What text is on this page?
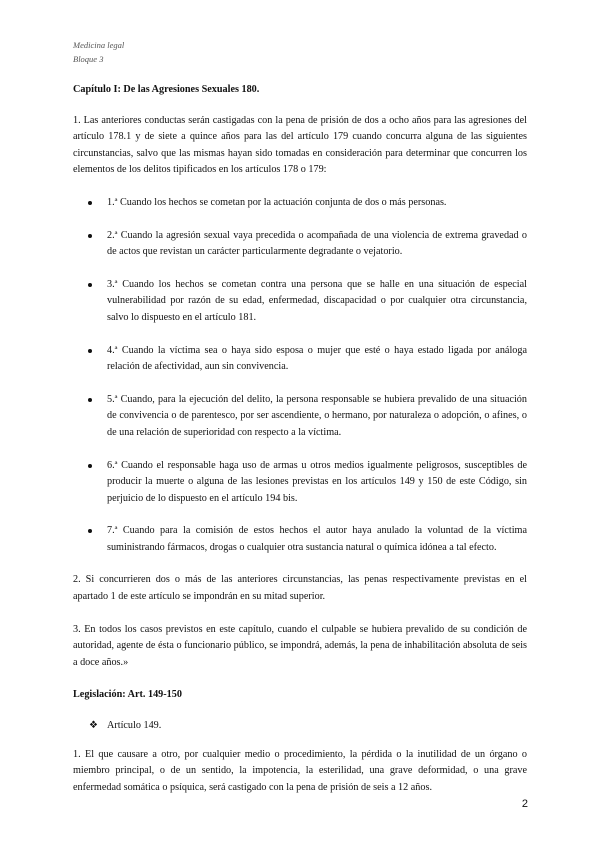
Medicina legal
Bloque 3

Capítulo I: De las Agresiones Sexuales 180.

1. Las anteriores conductas serán castigadas con la pena de prisión de dos a ocho años para las agresiones del artículo 178.1 y de siete a quince años para las del artículo 179 cuando concurra alguna de las siguientes circunstancias, salvo que las mismas hayan sido tomadas en consideración para determinar que concurren los elementos de los delitos tipificados en los artículos 178 o 179:

1.ª Cuando los hechos se cometan por la actuación conjunta de dos o más personas.
2.ª Cuando la agresión sexual vaya precedida o acompañada de una violencia de extrema gravedad o de actos que revistan un carácter particularmente degradante o vejatorio.
3.ª Cuando los hechos se cometan contra una persona que se halle en una situación de especial vulnerabilidad por razón de su edad, enfermedad, discapacidad o por cualquier otra circunstancia, salvo lo dispuesto en el artículo 181.
4.ª Cuando la víctima sea o haya sido esposa o mujer que esté o haya estado ligada por análoga relación de afectividad, aun sin convivencia.
5.ª Cuando, para la ejecución del delito, la persona responsable se hubiera prevalido de una situación de convivencia o de parentesco, por ser ascendiente, o hermano, por naturaleza o adopción, o afines, o de una relación de superioridad con respecto a la víctima.
6.ª Cuando el responsable haga uso de armas u otros medios igualmente peligrosos, susceptibles de producir la muerte o alguna de las lesiones previstas en los artículos 149 y 150 de este Código, sin perjuicio de lo dispuesto en el artículo 194 bis.
7.ª Cuando para la comisión de estos hechos el autor haya anulado la voluntad de la víctima suministrando fármacos, drogas o cualquier otra sustancia natural o química idónea a tal efecto.

2. Si concurrieren dos o más de las anteriores circunstancias, las penas respectivamente previstas en el apartado 1 de este artículo se impondrán en su mitad superior.

3. En todos los casos previstos en este capítulo, cuando el culpable se hubiera prevalido de su condición de autoridad, agente de ésta o funcionario público, se impondrá, además, la pena de inhabilitación absoluta de seis a doce años.»

Legislación: Art. 149-150

❖ Artículo 149.

1. El que causare a otro, por cualquier medio o procedimiento, la pérdida o la inutilidad de un órgano o miembro principal, o de un sentido, la impotencia, la esterilidad, una grave deformidad, o una grave enfermedad somática o psíquica, será castigado con la pena de prisión de seis a 12 años.

2
